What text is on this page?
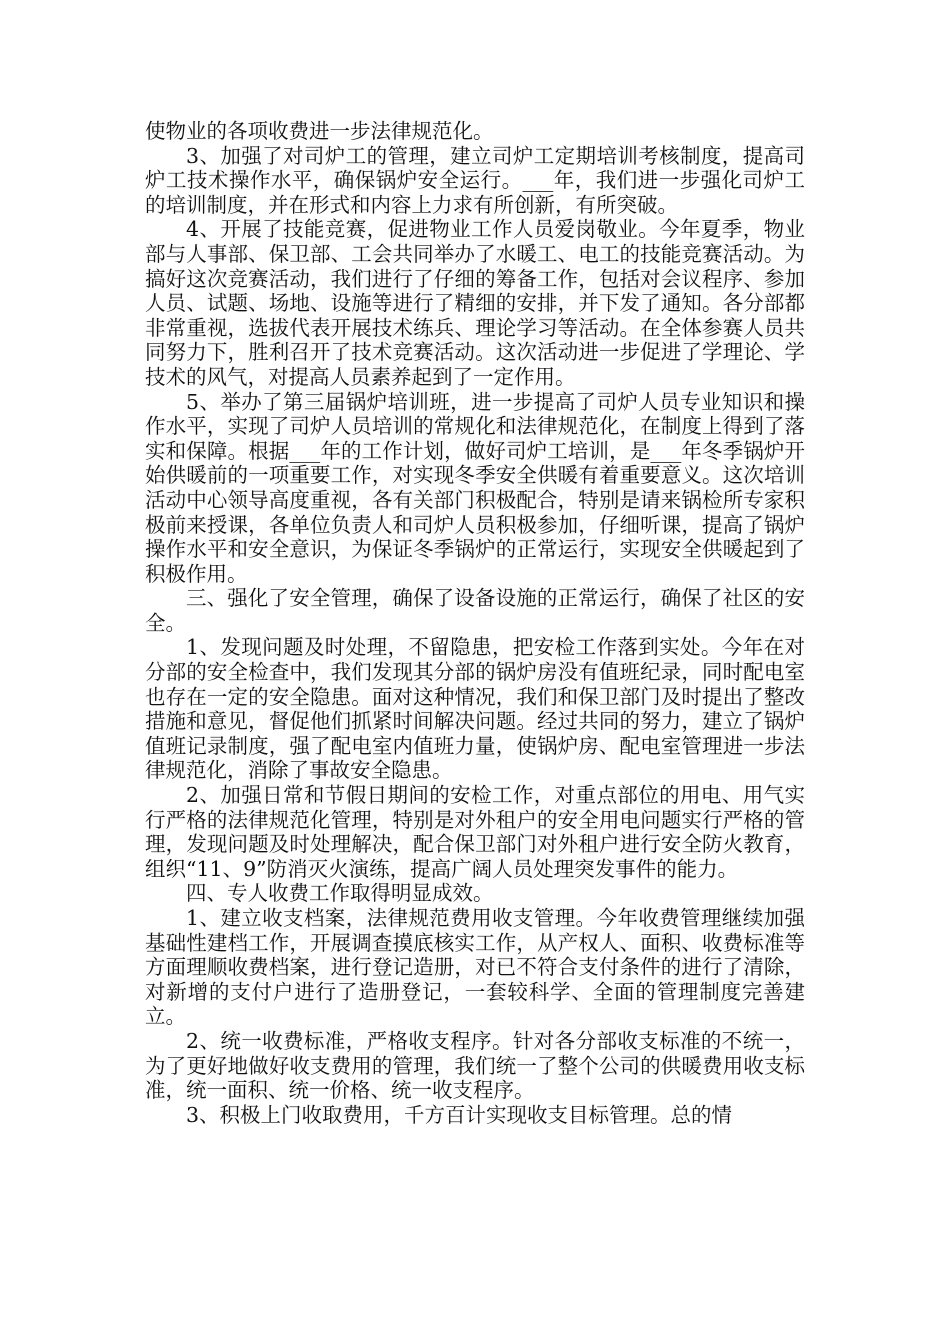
使物业的各项收费进一步法律规范化。

3、加强了对司炉工的管理，建立司炉工定期培训考核制度，提高司炉工技术操作水平，确保锅炉安全运行。___年，我们进一步强化司炉工的培训制度，并在形式和内容上力求有所创新，有所突破。

4、开展了技能竞赛，促进物业工作人员爱岗敬业。今年夏季，物业部与人事部、保卫部、工会共同举办了水暖工、电工的技能竞赛活动。为搞好这次竞赛活动，我们进行了仔细的筹备工作，包括对会议程序、参加人员、试题、场地、设施等进行了精细的安排，并下发了通知。各分部都非常重视，选拔代表开展技术练兵、理论学习等活动。在全体参赛人员共同努力下，胜利召开了技术竞赛活动。这次活动进一步促进了学理论、学技术的风气，对提高人员素养起到了一定作用。

5、举办了第三届锅炉培训班，进一步提高了司炉人员专业知识和操作水平，实现了司炉人员培训的常规化和法律规范化，在制度上得到了落实和保障。根据___年的工作计划，做好司炉工培训，是___年冬季锅炉开始供暖前的一项重要工作，对实现冬季安全供暖有着重要意义。这次培训活动中心领导高度重视，各有关部门积极配合，特别是请来锅检所专家积极前来授课，各单位负责人和司炉人员积极参加，仔细听课，提高了锅炉操作水平和安全意识，为保证冬季锅炉的正常运行，实现安全供暖起到了积极作用。

三、强化了安全管理，确保了设备设施的正常运行，确保了社区的安全。

1、发现问题及时处理，不留隐患，把安检工作落到实处。今年在对分部的安全检查中，我们发现其分部的锅炉房没有值班纪录，同时配电室也存在一定的安全隐患。面对这种情况，我们和保卫部门及时提出了整改措施和意见，督促他们抓紧时间解决问题。经过共同的努力，建立了锅炉值班记录制度，强了配电室内值班力量，使锅炉房、配电室管理进一步法律规范化，消除了事故安全隐患。

2、加强日常和节假日期间的安检工作，对重点部位的用电、用气实行严格的法律规范化管理，特别是对外租户的安全用电问题实行严格的管理，发现问题及时处理解决，配合保卫部门对外租户进行安全防火教育，组织“11、9”防消灭火演练，提高广阔人员处理突发事件的能力。

四、专人收费工作取得明显成效。

1、建立收支档案，法律规范费用收支管理。今年收费管理继续加强基础性建档工作，开展调查摸底核实工作，从产权人、面积、收费标准等方面理顺收费档案，进行登记造册，对已不符合支付条件的进行了清除，对新增的支付户进行了造册登记，一套较科学、全面的管理制度完善建立。

2、统一收费标准，严格收支程序。针对各分部收支标准的不统一，为了更好地做好收支费用的管理，我们统一了整个公司的供暖费用收支标准，统一面积、统一价格、统一收支程序。

3、积极上门收取费用，千方百计实现收支目标管理。总的情
